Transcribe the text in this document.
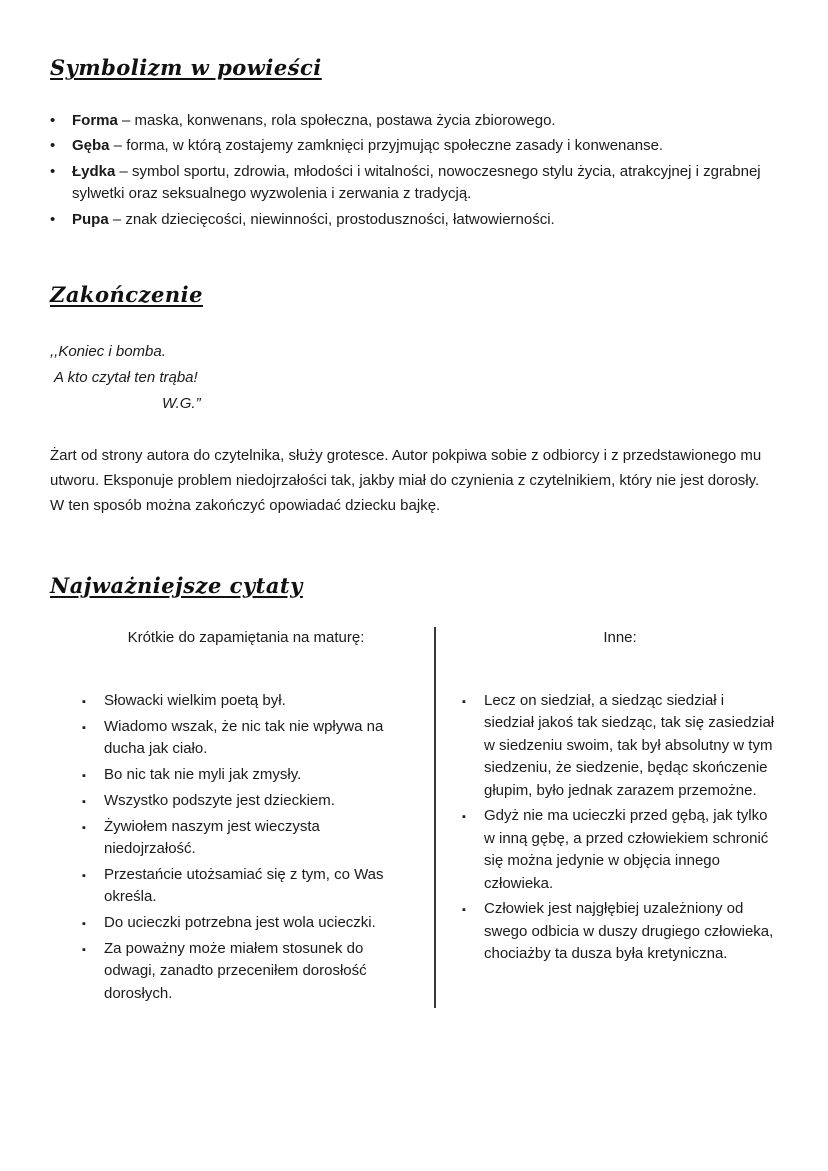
Symbolizm w powieści
•	Forma – maska, konwenans, rola społeczna, postawa życia zbiorowego.
•	Gęba – forma, w którą zostajemy zamknięci przyjmując społeczne zasady i konwenanse.
•	Łydka – symbol sportu, zdrowia, młodości i witalności, nowoczesnego stylu życia, atrakcyjnej i zgrabnej sylwetki oraz seksualnego wyzwolenia i zerwania z tradycją.
•	Pupa – znak dziecięcości, niewinności, prostoduszności, łatwowierności.
Zakończenie
,,Koniec i bomba.
A kto czytał ten trąba!
W.G.”

Żart od strony autora do czytelnika, służy grotesce. Autor pokpiwa sobie z odbiorcy i z przedstawionego mu utworu. Eksponuje problem niedojrzałości tak, jakby miał do czynienia z czytelnikiem, który nie jest dorosły. W ten sposób można zakończyć opowiadać dziecku bajkę.

Najważniejsze cytaty
Krótkie do zapamiętania na maturę:
▪	Słowacki wielkim poetą był.
▪	Wiadomo wszak, że nic tak nie wpływa na ducha jak ciało.
▪	Bo nic tak nie myli jak zmysły.
▪	Wszystko podszyte jest dzieckiem.
▪	Żywiołem naszym jest wieczysta niedojrzałość.
▪	Przestańcie utożsamiać się z tym, co Was określa.
▪	Do ucieczki potrzebna jest wola ucieczki.
▪	Za poważny może miałem stosunek do odwagi, zanadto przeceniłem dorosłość dorosłych.
Inne:
▪	Lecz on siedział, a siedząc siedział i siedział jakoś tak siedząc, tak się zasiedział w siedzeniu swoim, tak był absolutny w tym siedzeniu, że siedzenie, będąc skończenie głupim, było jednak zarazem przemożne.
▪	Gdyż nie ma ucieczki przed gębą, jak tylko w inną gębę, a przed człowiekiem schronić się można jedynie w objęcia innego człowieka.
▪	Człowiek jest najgłębiej uzależniony od swego odbicia w duszy drugiego człowieka, chociażby ta dusza była kretyniczna.
